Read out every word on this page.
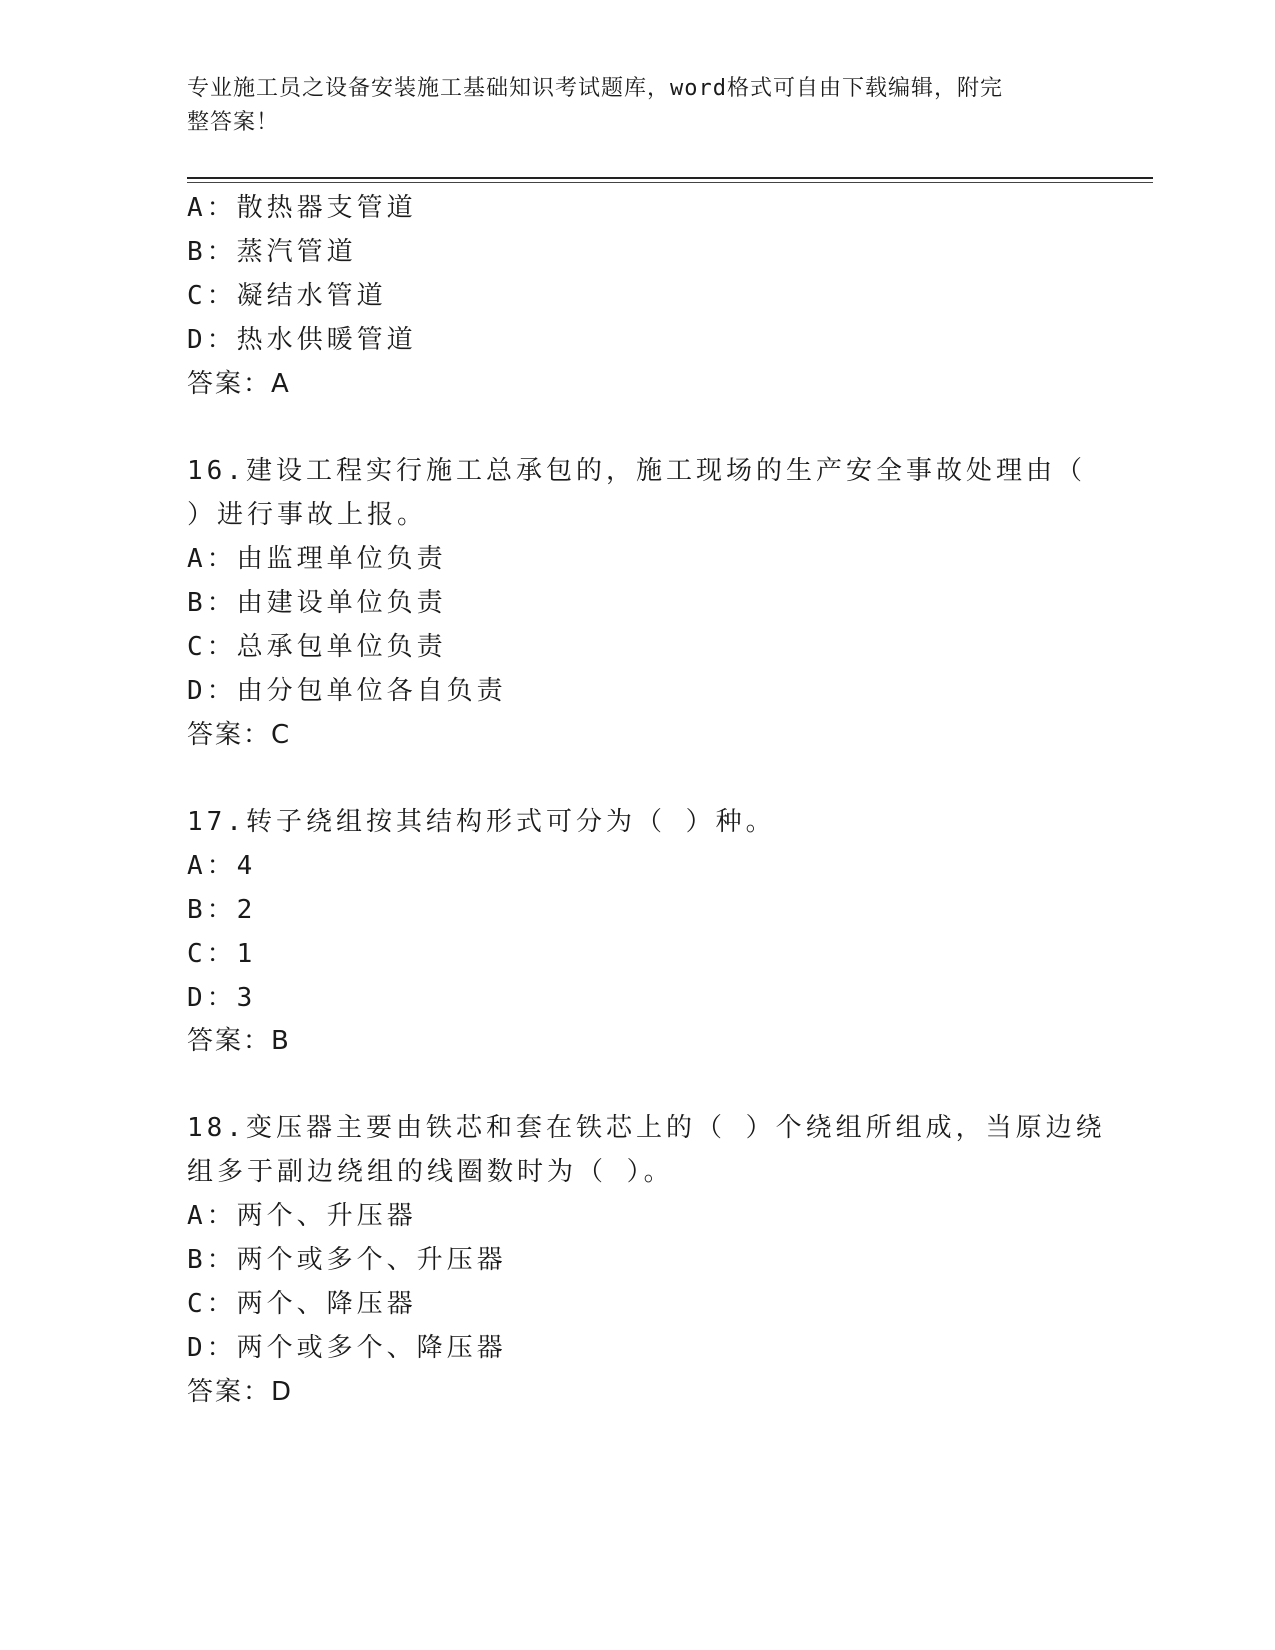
专业施工员之设备安装施工基础知识考试题库，word格式可自由下载编辑，附完
整答案！
A：散热器支管道
B：蒸汽管道
C：凝结水管道
D：热水供暖管道
答案：A
16.建设工程实行施工总承包的，施工现场的生产安全事故处理由（
）进行事故上报。
A：由监理单位负责
B：由建设单位负责
C：总承包单位负责
D：由分包单位各自负责
答案：C
17.转子绕组按其结构形式可分为（ ）种。
A：4
B：2
C：1
D：3
答案：B
18.变压器主要由铁芯和套在铁芯上的（ ）个绕组所组成，当原边绕
组多于副边绕组的线圈数时为（ ）。
A：两个、升压器
B：两个或多个、升压器
C：两个、降压器
D：两个或多个、降压器
答案：D
